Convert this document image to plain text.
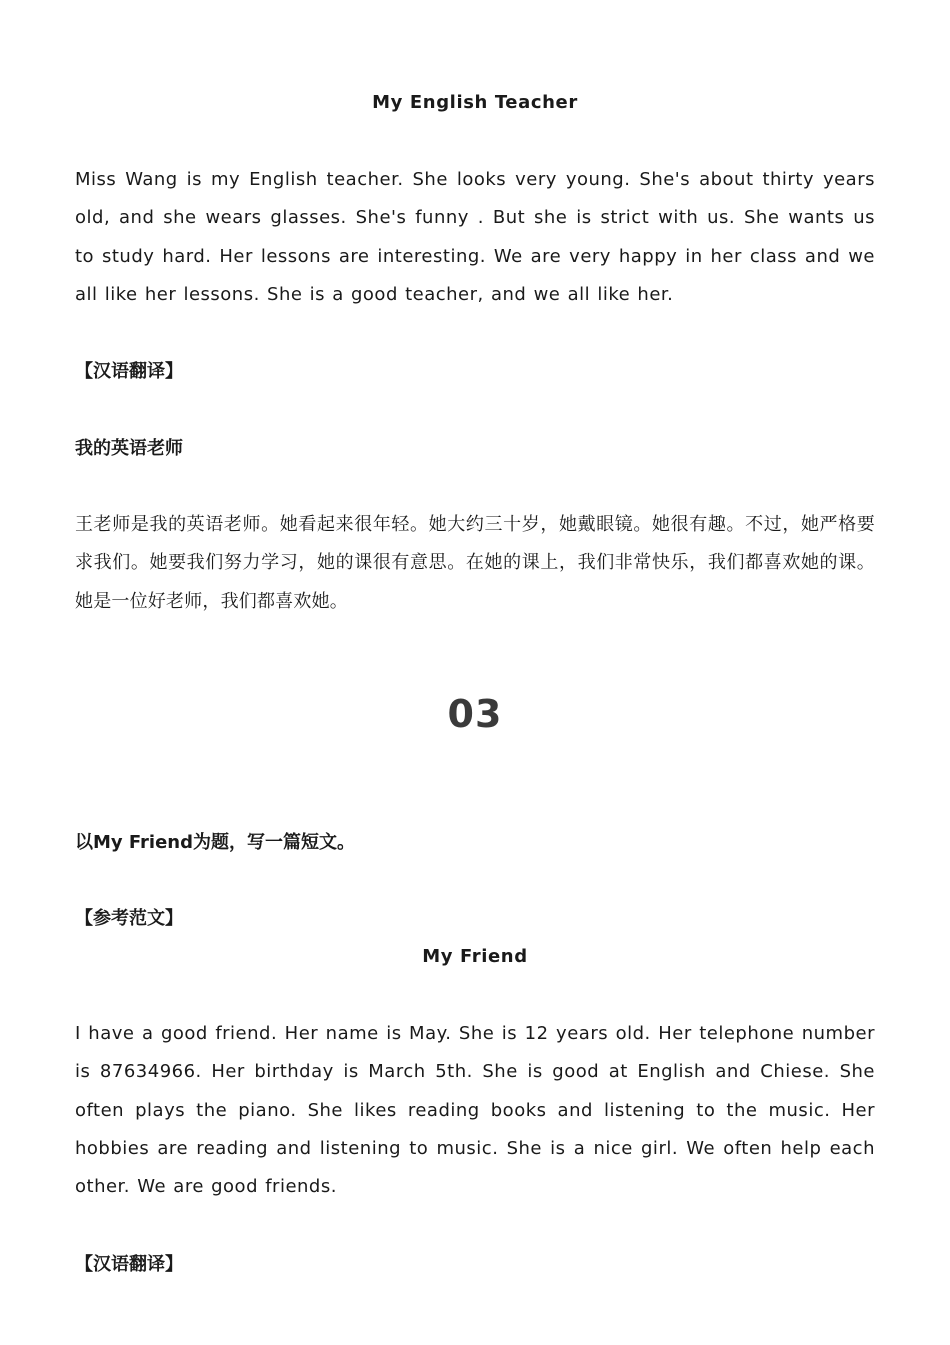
My English Teacher

Miss Wang is my English teacher. She looks very young. She's about thirty years old, and she wears glasses. She's funny . But she is strict with us. She wants us to study hard. Her lessons are interesting. We are very happy in her class and we all like her lessons. She is a good teacher, and we all like her.

【汉语翻译】

我的英语老师

王老师是我的英语老师。她看起来很年轻。她大约三十岁，她戴眼镜。她很有趣。不过，她严格要求我们。她要我们努力学习，她的课很有意思。在她的课上，我们非常快乐，我们都喜欢她的课。她是一位好老师，我们都喜欢她。

03

以My Friend为题，写一篇短文。

【参考范文】

My Friend

I have a good friend. Her name is May. She is 12 years old. Her telephone number is 87634966. Her birthday is March 5th. She is good at English and Chiese. She often plays the piano. She likes reading books and listening to the music. Her hobbies are reading and listening to music. She is a nice girl. We often help each other. We are good friends.

【汉语翻译】
